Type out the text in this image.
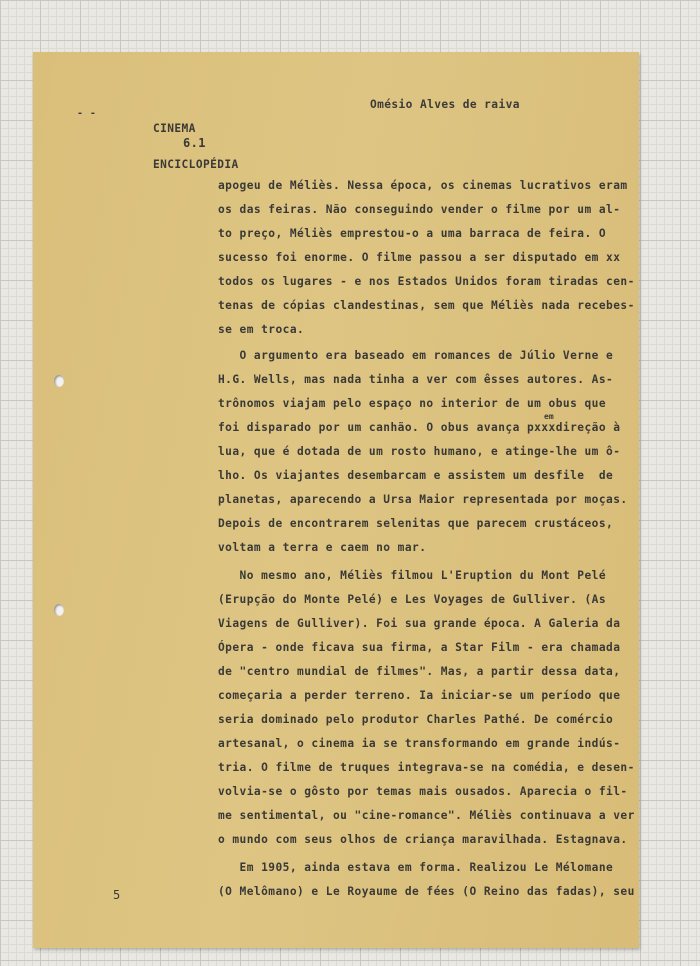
- -

CINEMA

ENCICLOPÉDIA

Omésio Alves de raiva
6.1
apogeu de Méliès. Nessa época, os cinemas lucrativos eram
os das feiras. Não conseguindo vender o filme por um al-
to preço, Méliès emprestou-o a uma barraca de feira. O
sucesso foi enorme. O filme passou a ser disputado em xx
todos os lugares - e nos Estados Unidos foram tiradas cen-
tenas de cópias clandestinas, sem que Méliès nada recebes-
se em troca.
O argumento era baseado em romances de Júlio Verne e
H.G. Wells, mas nada tinha a ver com êsses autores. As-
trônomos viajam pelo espaço no interior de um obus que
em
foi disparado por um canhão. O obus avança pxxxdireção à
lua, que é dotada de um rosto humano, e atinge-lhe um ô-
lho. Os viajantes desembarcam e assistem um desfile  de
planetas, aparecendo a Ursa Maior representada por moças.
Depois de encontrarem selenitas que parecem crustáceos,
voltam a terra e caem no mar.
No mesmo ano, Méliès filmou L'Eruption du Mont Pelé
(Erupção do Monte Pelé) e Les Voyages de Gulliver. (As
Viagens de Gulliver). Foi sua grande época. A Galeria da
Ópera - onde ficava sua firma, a Star Film - era chamada
de "centro mundial de filmes". Mas, a partir dessa data,
começaria a perder terreno. Ia iniciar-se um período que
seria dominado pelo produtor Charles Pathé. De comércio
artesanal, o cinema ia se transformando em grande indús-
tria. O filme de truques integrava-se na comédia, e desen-
volvia-se o gôsto por temas mais ousados. Aparecia o fil-
me sentimental, ou "cine-romance". Méliès continuava a ver
o mundo com seus olhos de criança maravilhada. Estagnava.
Em 1905, ainda estava em forma. Realizou Le Mélomane
(O Melômano) e Le Royaume de fées (O Reino das fadas), seu
5
